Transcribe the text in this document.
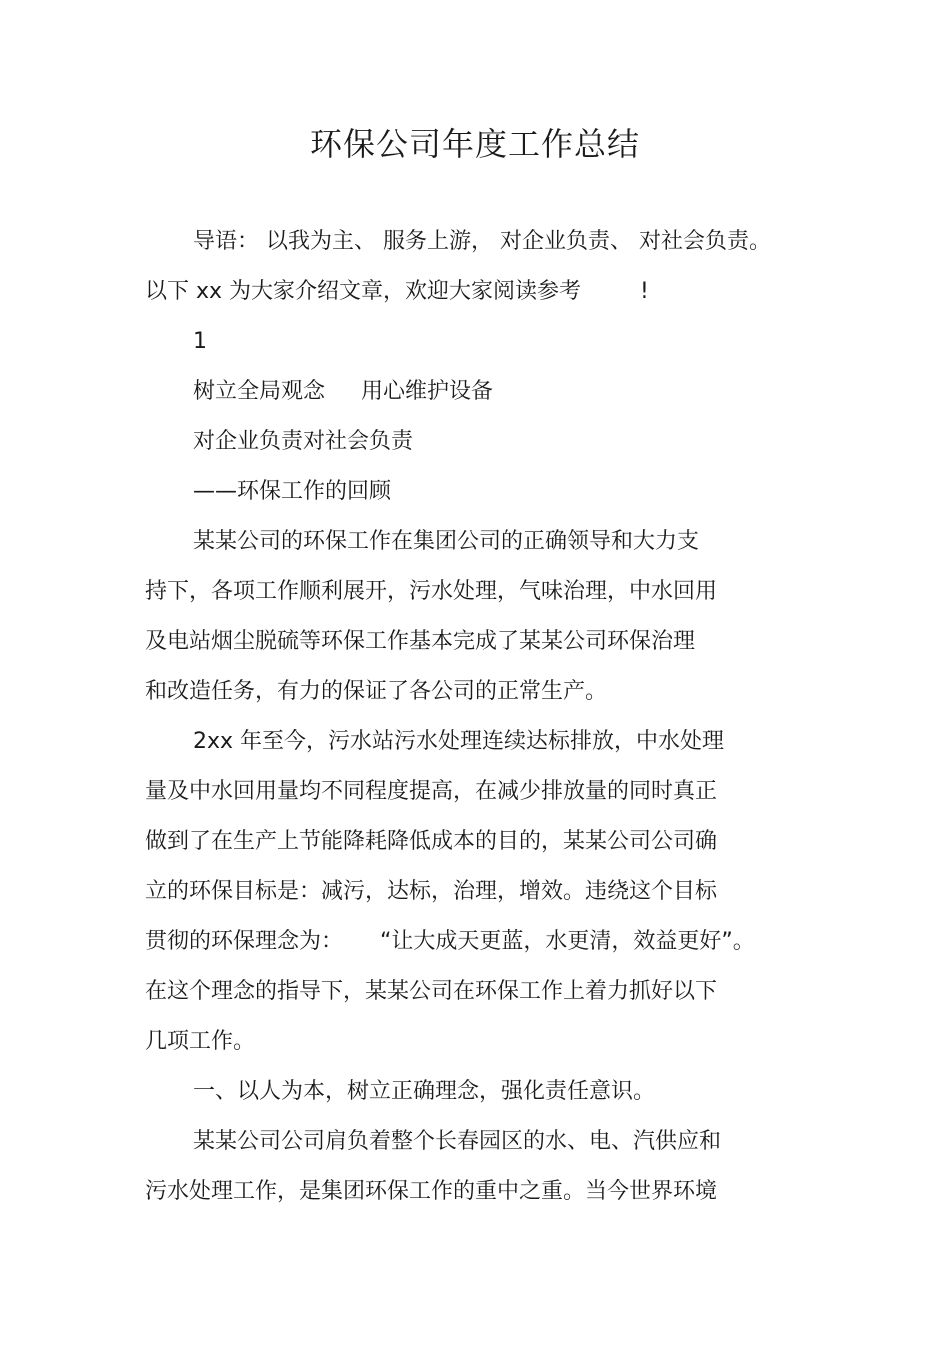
环保公司年度工作总结
导语： 以我为主、 服务上游， 对企业负责、 对社会负责。
以下 xx 为大家介绍文章，欢迎大家阅读参考	!
1
树立全局观念 用心维护设备
对企业负责对社会负责
——环保工作的回顾
某某公司的环保工作在集团公司的正确领导和大力支
持下，各项工作顺利展开，污水处理，气味治理，中水回用
及电站烟尘脱硫等环保工作基本完成了某某公司环保治理
和改造任务，有力的保证了各公司的正常生产。
2xx 年至今，污水站污水处理连续达标排放，中水处理
量及中水回用量均不同程度提高，在减少排放量的同时真正
做到了在生产上节能降耗降低成本的目的，某某公司公司确
立的环保目标是：减污，达标，治理，增效。违绕这个目标
贯彻的环保理念为： “让大成天更蓝，水更清，效益更好”。
在这个理念的指导下，某某公司在环保工作上着力抓好以下
几项工作。
一、以人为本，树立正确理念，强化责任意识。
某某公司公司肩负着整个长春园区的水、电、汽供应和
污水处理工作，是集团环保工作的重中之重。当今世界环境
